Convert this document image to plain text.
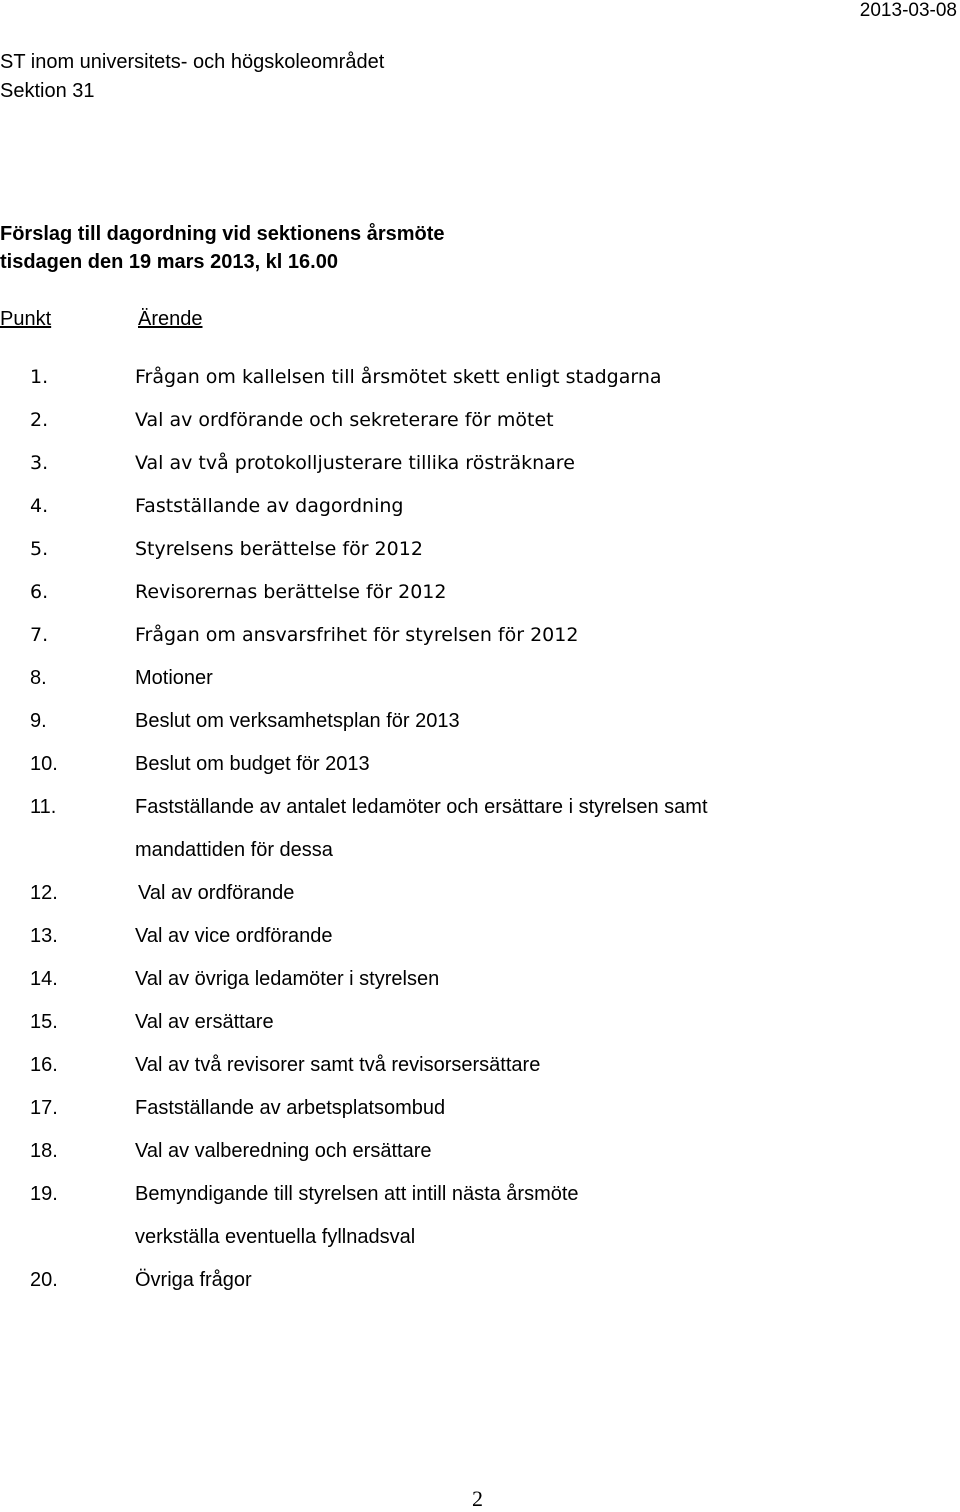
2013-03-08
ST inom universitets- och högskoleområdet
Sektion 31
Förslag till dagordning vid sektionens årsmöte
tisdagen den 19 mars 2013, kl 16.00
Punkt	Ärende
1.	Frågan om kallelsen till årsmötet skett enligt stadgarna
2.	Val av ordförande och sekreterare för mötet
3.	Val av två protokolljusterare tillika rösträknare
4.	Fastställande av dagordning
5.	Styrelsens berättelse för 2012
6.	Revisorernas berättelse för 2012
7.	Frågan om ansvarsfrihet för styrelsen för 2012
8.	Motioner
9.	Beslut om verksamhetsplan för 2013
10.	Beslut om budget för 2013
11.	Fastställande av antalet ledamöter och ersättare i styrelsen samt
mandattiden för dessa
12.	Val av ordförande
13.	Val av vice ordförande
14.	Val av övriga ledamöter i styrelsen
15.	Val av ersättare
16.	Val av två revisorer samt två revisorsersättare
17.	Fastställande av arbetsplatsombud
18.	Val av valberedning och ersättare
19.	Bemyndigande till styrelsen att intill nästa årsmöte
verkställa eventuella fyllnadsval
20.	Övriga frågor
2
